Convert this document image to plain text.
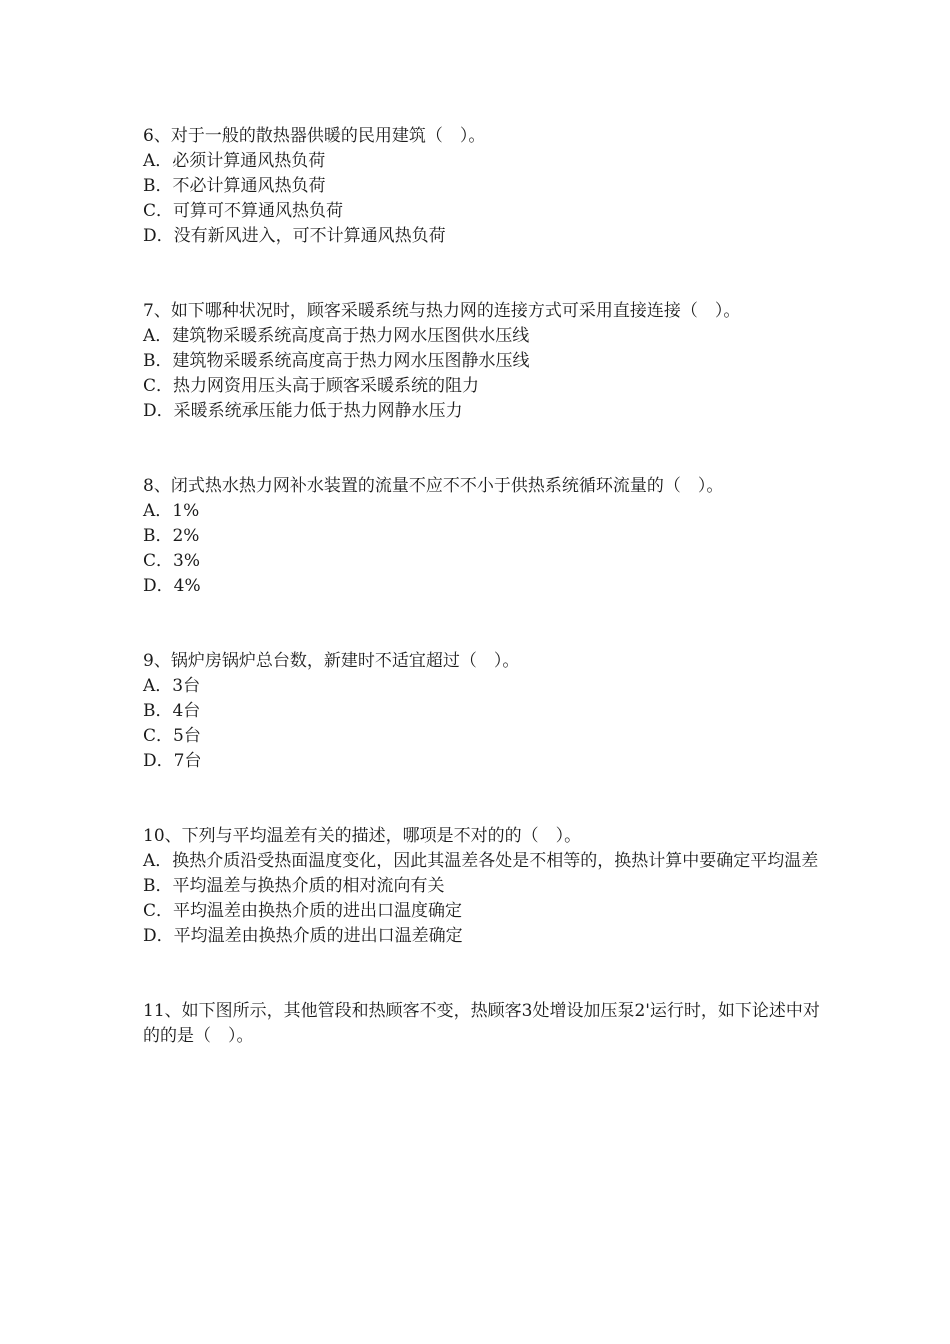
6、对于一般的散热器供暖的民用建筑（　）。

A．必须计算通风热负荷

B．不必计算通风热负荷

C．可算可不算通风热负荷

D．没有新风进入，可不计算通风热负荷

7、如下哪种状况时，顾客采暖系统与热力网的连接方式可采用直接连接（　）。

A．建筑物采暖系统高度高于热力网水压图供水压线

B．建筑物采暖系统高度高于热力网水压图静水压线

C．热力网资用压头高于顾客采暖系统的阻力

D．采暖系统承压能力低于热力网静水压力

8、闭式热水热力网补水装置的流量不应不不小于供热系统循环流量的（　）。

A．1%

B．2%

C．3%

D．4%

9、锅炉房锅炉总台数，新建时不适宜超过（　）。

A．3台

B．4台

C．5台

D．7台

10、下列与平均温差有关的描述，哪项是不对的的（　）。

A．换热介质沿受热面温度变化，因此其温差各处是不相等的，换热计算中要确定平均温差

B．平均温差与换热介质的相对流向有关

C．平均温差由换热介质的进出口温度确定

D．平均温差由换热介质的进出口温差确定

11、如下图所示，其他管段和热顾客不变，热顾客3处增设加压泵2'运行时，如下论述中对的的是（　）。
